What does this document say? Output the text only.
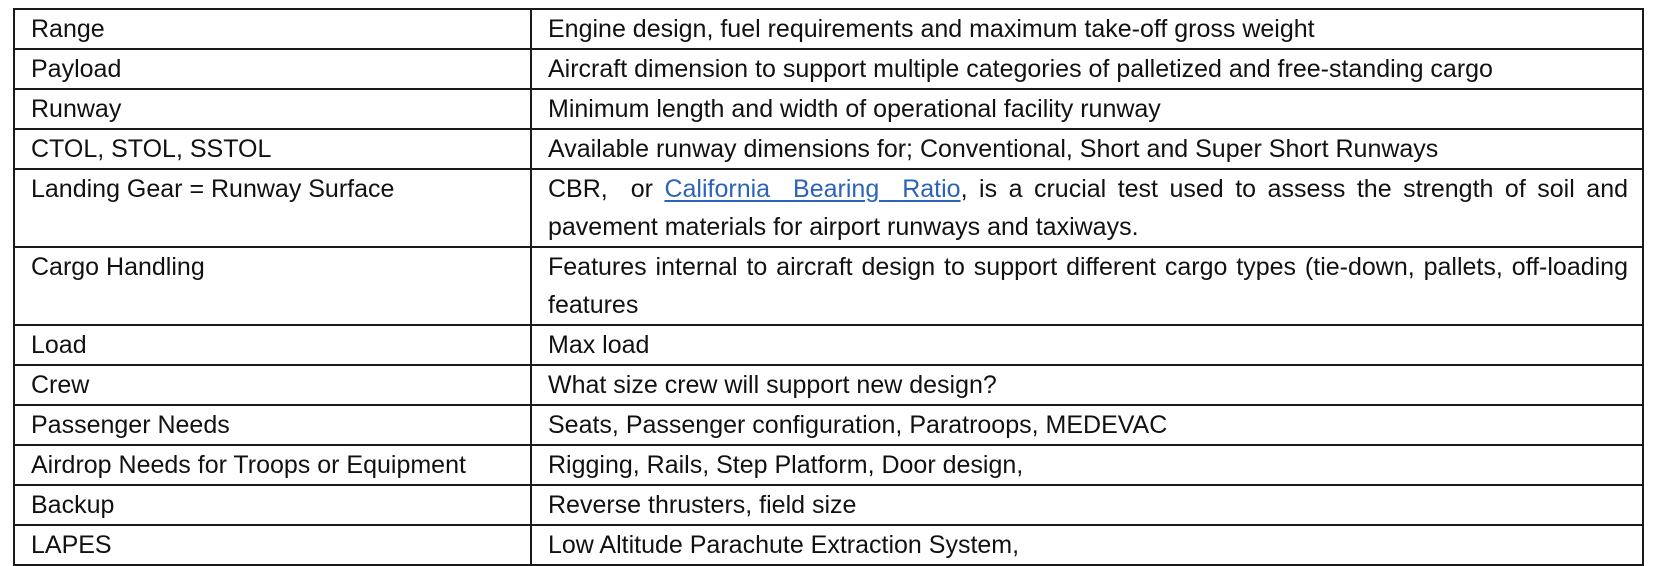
Range	Engine design, fuel requirements and maximum take-off gross weight
Payload	Aircraft dimension to support multiple categories of palletized and free-standing cargo
Runway	Minimum length and width of operational facility runway
CTOL, STOL, SSTOL	Available runway dimensions for; Conventional, Short and Super Short Runways
Landing Gear = Runway Surface	CBR,  or California  Bearing  Ratio, is a crucial test used to assess the strength of soil and pavement materials for airport runways and taxiways.

Cargo Handling	Features internal to aircraft design to support different cargo types (tie-down, pallets, off-loading features

Load	Max load
Crew	What size crew will support new design?
Passenger Needs	Seats, Passenger configuration, Paratroops, MEDEVAC
Airdrop Needs for Troops or Equipment	Rigging, Rails, Step Platform, Door design,
Backup	Reverse thrusters, field size
LAPES	Low Altitude Parachute Extraction System,
